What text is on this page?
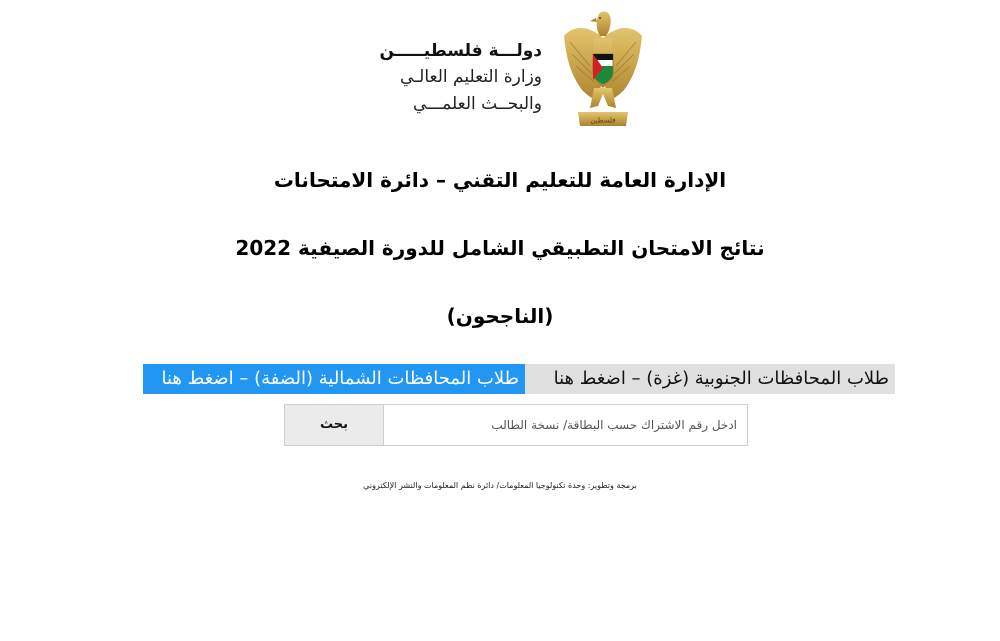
دولـــة فلسطيـــــن
وزارة التعليم العالـي
والبحــث العلمـــي
فلسطين
الإدارة العامة للتعليم التقني – دائرة الامتحانات
نتائج الامتحان التطبيقي الشامل للدورة الصيفية 2022
(الناجحون)
طلاب المحافظات الشمالية (الضفة) – اضغط هنا	طلاب المحافظات الجنوبية (غزة) – اضغط هنا
بحث
ادخل رقم الاشتراك حسب البطاقة/ نسخة الطالب
برمجة وتطوير: وحدة تكنولوجيا المعلومات/ دائرة نظم المعلومات والنشر الإلكتروني
